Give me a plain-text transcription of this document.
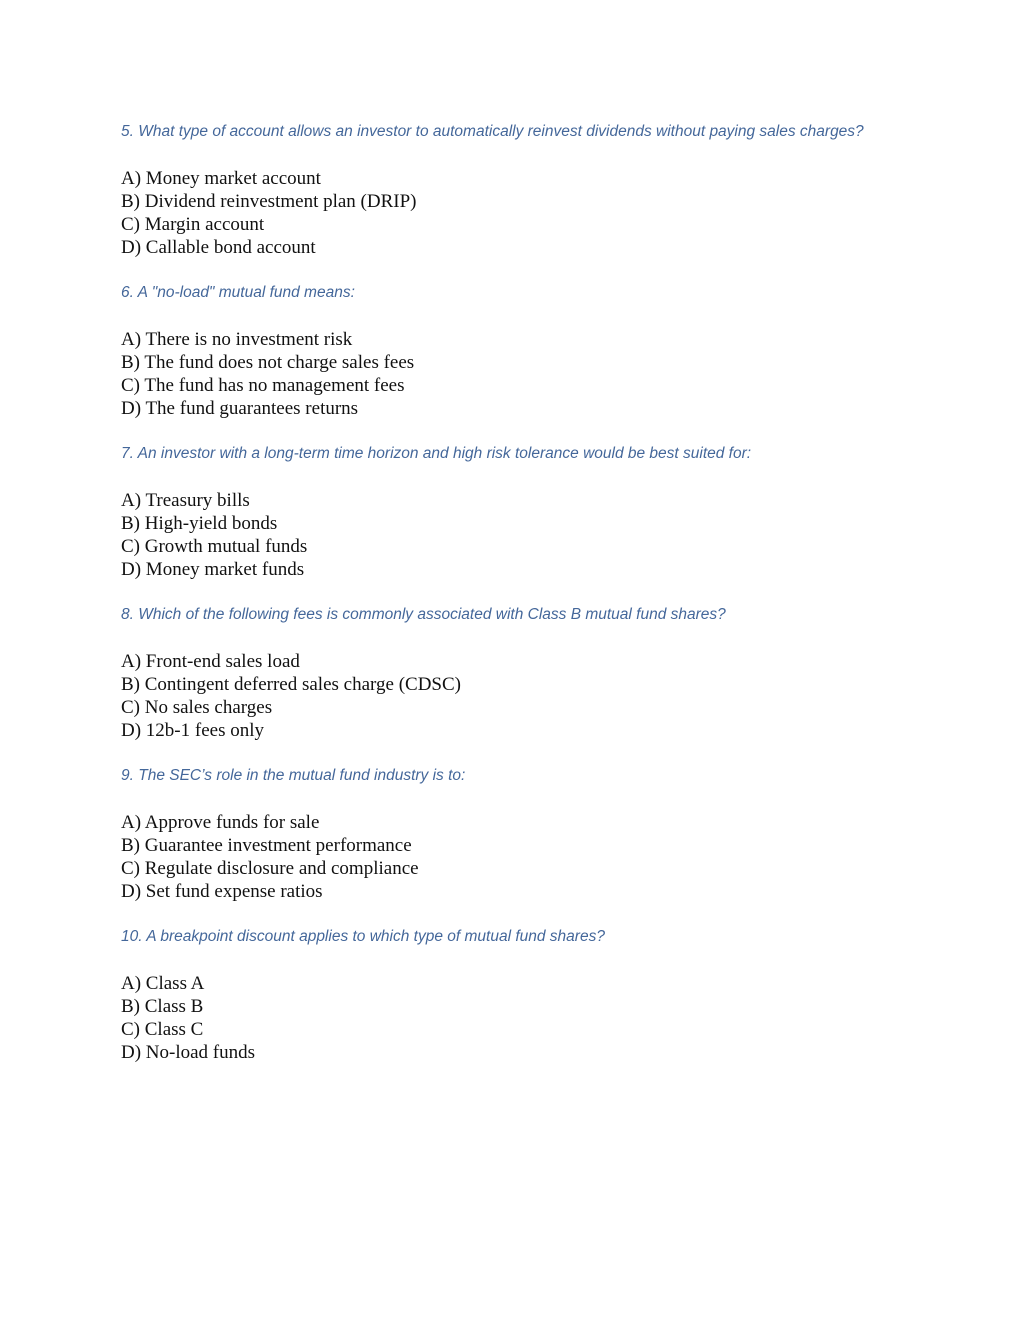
5. What type of account allows an investor to automatically reinvest dividends without paying sales charges?

A) Money market account
B) Dividend reinvestment plan (DRIP)
C) Margin account
D) Callable bond account

6. A "no-load" mutual fund means:

A) There is no investment risk
B) The fund does not charge sales fees
C) The fund has no management fees
D) The fund guarantees returns

7. An investor with a long-term time horizon and high risk tolerance would be best suited for:

A) Treasury bills
B) High-yield bonds
C) Growth mutual funds
D) Money market funds

8. Which of the following fees is commonly associated with Class B mutual fund shares?

A) Front-end sales load
B) Contingent deferred sales charge (CDSC)
C) No sales charges
D) 12b-1 fees only

9. The SEC’s role in the mutual fund industry is to:

A) Approve funds for sale
B) Guarantee investment performance
C) Regulate disclosure and compliance
D) Set fund expense ratios

10. A breakpoint discount applies to which type of mutual fund shares?

A) Class A
B) Class B
C) Class C
D) No-load funds
